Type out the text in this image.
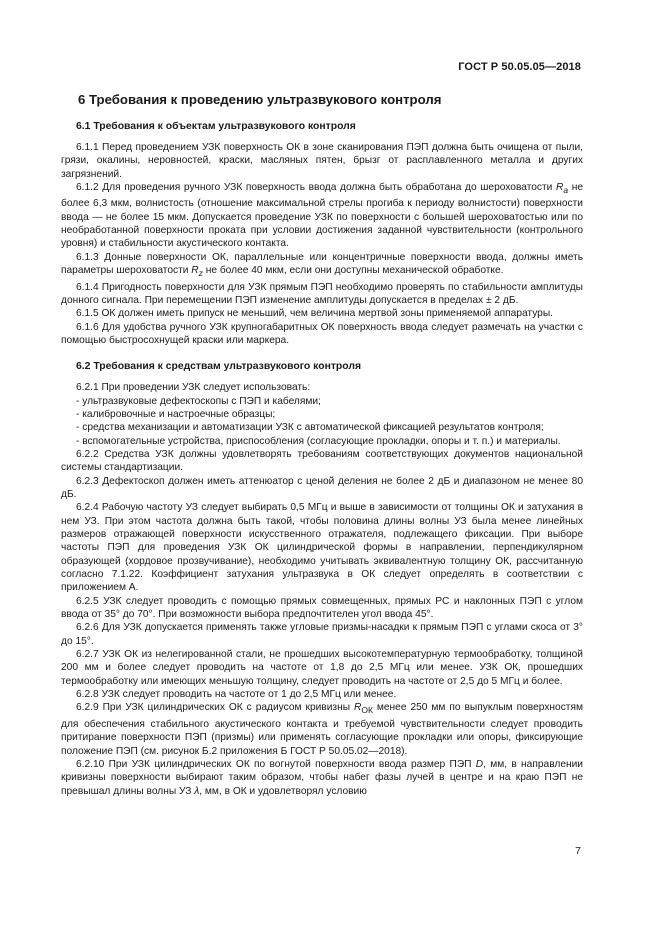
ГОСТ Р 50.05.05—2018
6 Требования к проведению ультразвукового контроля
6.1 Требования к объектам ультразвукового контроля

6.1.1 Перед проведением УЗК поверхность ОК в зоне сканирования ПЭП должна быть очищена от пыли, грязи, окалины, неровностей, краски, масляных пятен, брызг от расплавленного металла и других загрязнений.

6.1.2 Для проведения ручного УЗК поверхность ввода должна быть обработана до шероховатости $R_a$ не более 6,3 мкм, волнистость (отношение максимальной стрелы прогиба к периоду волнистости) поверхности ввода — не более 15 мкм. Допускается проведение УЗК по поверхности с большей шероховатостью или по необработанной поверхности проката при условии достижения заданной чувствительности (контрольного уровня) и стабильности акустического контакта.

6.1.3 Донные поверхности ОК, параллельные или концентричные поверхности ввода, должны иметь параметры шероховатости $R_z$ не более 40 мкм, если они доступны механической обработке.

6.1.4 Пригодность поверхности для УЗК прямым ПЭП необходимо проверять по стабильности амплитуды донного сигнала. При перемещении ПЭП изменение амплитуды допускается в пределах ± 2 дБ.

6.1.5 ОК должен иметь припуск не меньший, чем величина мертвой зоны применяемой аппаратуры.

6.1.6 Для удобства ручного УЗК крупногабаритных ОК поверхность ввода следует размечать на участки с помощью быстросохнущей краски или маркера.

6.2 Требования к средствам ультразвукового контроля

6.2.1 При проведении УЗК следует использовать:

- ультразвуковые дефектоскопы с ПЭП и кабелями;
- калибровочные и настроечные образцы;
- средства механизации и автоматизации УЗК с автоматической фиксацией результатов контроля;
- вспомогательные устройства, приспособления (согласующие прокладки, опоры и т. п.) и материалы.

6.2.2 Средства УЗК должны удовлетворять требованиям соответствующих документов национальной системы стандартизации.

6.2.3 Дефектоскоп должен иметь аттенюатор с ценой деления не более 2 дБ и диапазоном не менее 80 дБ.

6.2.4 Рабочую частоту УЗ следует выбирать 0,5 МГц и выше в зависимости от толщины ОК и затухания в нем УЗ. При этом частота должна быть такой, чтобы половина длины волны УЗ была менее линейных размеров отражающей поверхности искусственного отражателя, подлежащего фиксации. При выборе частоты ПЭП для проведения УЗК ОК цилиндрической формы в направлении, перпендикулярном образующей (хордовое прозвучивание), необходимо учитывать эквивалентную толщину ОК, рассчитанную согласно 7.1.22. Коэффициент затухания ультразвука в ОК следует определять в соответствии с приложением А.

6.2.5 УЗК следует проводить с помощью прямых совмещенных, прямых РС и наклонных ПЭП с углом ввода от 35° до 70°. При возможности выбора предпочтителен угол ввода 45°.

6.2.6 Для УЗК допускается применять также угловые призмы-насадки к прямым ПЭП с углами скоса от 3° до 15°.

6.2.7 УЗК ОК из нелегированной стали, не прошедших высокотемпературную термообработку, толщиной 200 мм и более следует проводить на частоте от 1,8 до 2,5 МГц или менее. УЗК ОК, прошедших термообработку или имеющих меньшую толщину, следует проводить на частоте от 2,5 до 5 МГц и более.

6.2.8 УЗК следует проводить на частоте от 1 до 2,5 МГц или менее.

6.2.9 При УЗК цилиндрических ОК с радиусом кривизны $R_{ОК}$ менее 250 мм по выпуклым поверхностям для обеспечения стабильного акустического контакта и требуемой чувствительности следует проводить притирание поверхности ПЭП (призмы) или применять согласующие прокладки или опоры, фиксирующие положение ПЭП (см. рисунок Б.2 приложения Б ГОСТ Р 50.05.02—2018).

6.2.10 При УЗК цилиндрических ОК по вогнутой поверхности ввода размер ПЭП D, мм, в направлении кривизны поверхности выбирают таким образом, чтобы набег фазы лучей в центре и на краю ПЭП не превышал длины волны УЗ λ, мм, в ОК и удовлетворял условию

7
